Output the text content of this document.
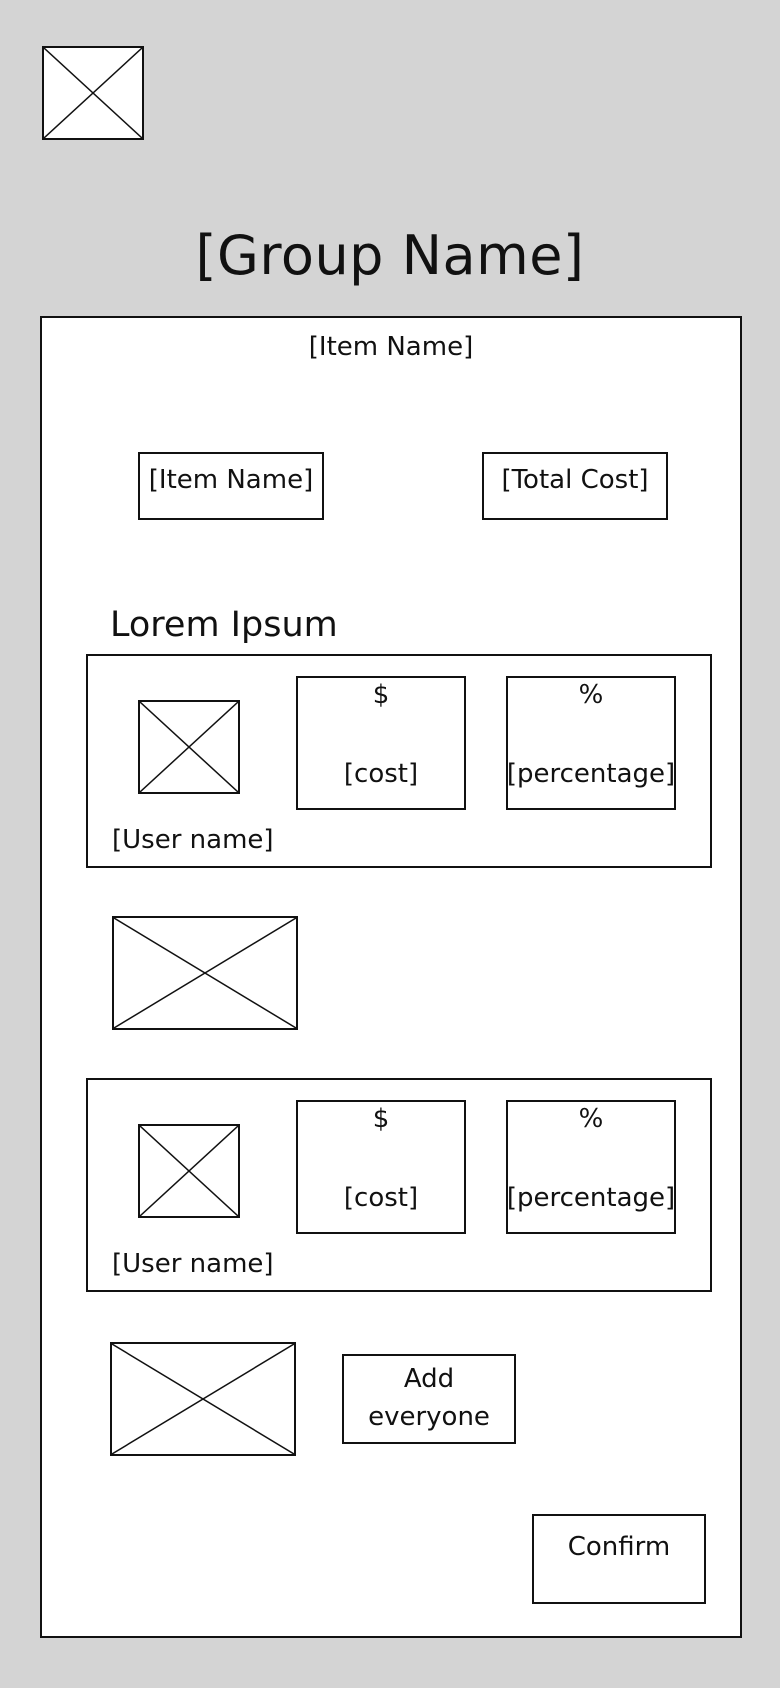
[Group Name]
[Item Name]
[Item Name]	[Total Cost]
Lorem Ipsum
[User name]
$
[cost]
%
[percentage]
[User name]
$
[cost]
%
[percentage]
Add everyone
Confirm
